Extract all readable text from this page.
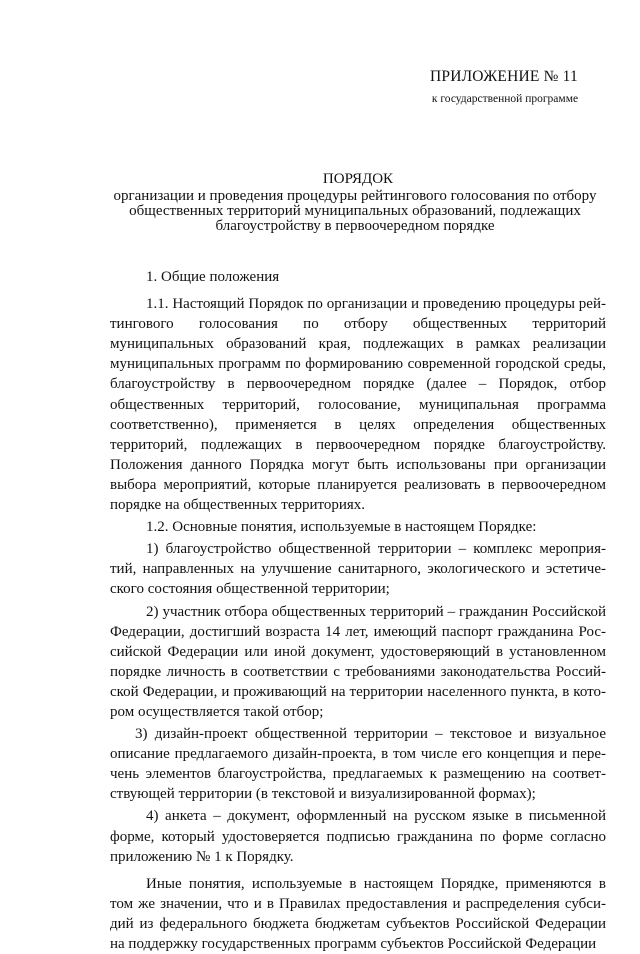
ПРИЛОЖЕНИЕ № 11
к государственной программе
ПОРЯДОК
организации и проведения процедуры рейтингового голосования по отбору общественных территорий муниципальных образований, подлежащих благоустройству в первоочередном порядке

1. Общие положения

1.1. Настоящий Порядок по организации и проведению процедуры рейтингового голосования по отбору общественных территорий муниципальных образований края, подлежащих в рамках реализации муниципальных программ по формированию современной городской среды, благоустройству в первоочередном порядке (далее – Порядок, отбор общественных территорий, голосование, муниципальная программа соответственно), применяется в целях определения общественных территорий, подлежащих в первоочередном порядке благоустройству. Положения данного Порядка могут быть использованы при организации выбора мероприятий, которые планируется реализовать в первоочередном порядке на общественных территориях.

1.2. Основные понятия, используемые в настоящем Порядке:

1) благоустройство общественной территории – комплекс мероприятий, направленных на улучшение санитарного, экологического и эстетического состояния общественной территории;

2) участник отбора общественных территорий – гражданин Российской Федерации, достигший возраста 14 лет, имеющий паспорт гражданина Российской Федерации или иной документ, удостоверяющий в установленном порядке личность в соответствии с требованиями законодательства Российской Федерации, и проживающий на территории населенного пункта, в котором осуществляется такой отбор;

3) дизайн-проект общественной территории – текстовое и визуальное описание предлагаемого дизайн-проекта, в том числе его концепция и перечень элементов благоустройства, предлагаемых к размещению на соответствующей территории (в текстовой и визуализированной формах);

4) анкета – документ, оформленный на русском языке в письменной форме, который удостоверяется подписью гражданина по форме согласно приложению № 1 к Порядку.

Иные понятия, используемые в настоящем Порядке, применяются в том же значении, что и в Правилах предоставления и распределения субсидий из федерального бюджета бюджетам субъектов Российской Федерации на поддержку государственных программ субъектов Российской Федерации
